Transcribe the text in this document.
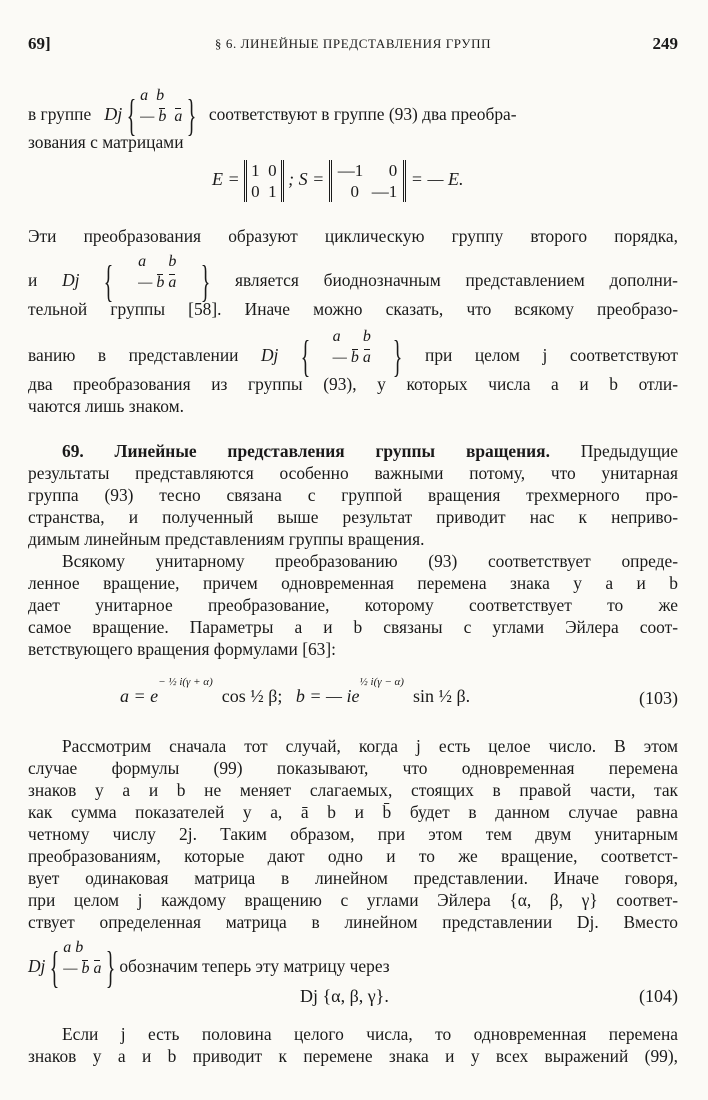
69]	§ 6. ЛИНЕЙНЫЕ ПРЕДСТАВЛЕНИЯ ГРУПП	249
в группе Dj { a b
— b a } соответствуют в группе (93) два преобра-
зования с матрицами
E = 1 0
0 1
; S = —1 0
0 —1
= — E.
Эти преобразования образуют циклическую группу второго порядка,
и Dj { a b
— b a } является биоднозначным представлением дополни-
тельной группы [58]. Иначе можно сказать, что всякому преобразо-
ванию в представлении Dj { a b
— b a } при целом j соответствуют
два преобразования из группы (93), у которых числа a и b отли-
чаются лишь знаком.
69. Линейные представления группы вращения. Предыдущие
результаты представляются особенно важными потому, что унитарная
группа (93) тесно связана с группой вращения трехмерного про-
странства, и полученный выше результат приводит нас к неприво-
димым линейным представлениям группы вращения.
Всякому унитарному преобразованию (93) соответствует опреде-
ленное вращение, причем одновременная перемена знака у a и b
дает унитарное преобразование, которому соответствует то же
самое вращение. Параметры a и b связаны с углами Эйлера соот-
ветствующего вращения формулами [63]:
$a = e^{- \frac{1}{2} i(\gamma + \alpha)}$  cos ½ β; b = — $ie^{\frac{1}{2} i(\gamma - \alpha)}$  sin ½ β.	(103)
Рассмотрим сначала тот случай, когда j есть целое число. В этом
случае формулы (99) показывают, что одновременная перемена
знаков у a и b не меняет слагаемых, стоящих в правой части, так
как сумма показателей у a, ā b и b̄ будет в данном случае равна
четному числу 2j. Таким образом, при этом тем двум унитарным
преобразованиям, которые дают одно и то же вращение, соответст-
вует одинаковая матрица в линейном представлении. Иначе говоря,
при целом j каждому вращению с углами Эйлера {α, β, γ} соответ-
ствует определенная матрица в линейном представлении Dj. Вместо
Dj { a b
— b a } обозначим теперь эту матрицу через
Dj {α, β, γ}.	(104)
Если j есть половина целого числа, то одновременная перемена
знаков у a и b приводит к перемене знака и у всех выражений (99),
